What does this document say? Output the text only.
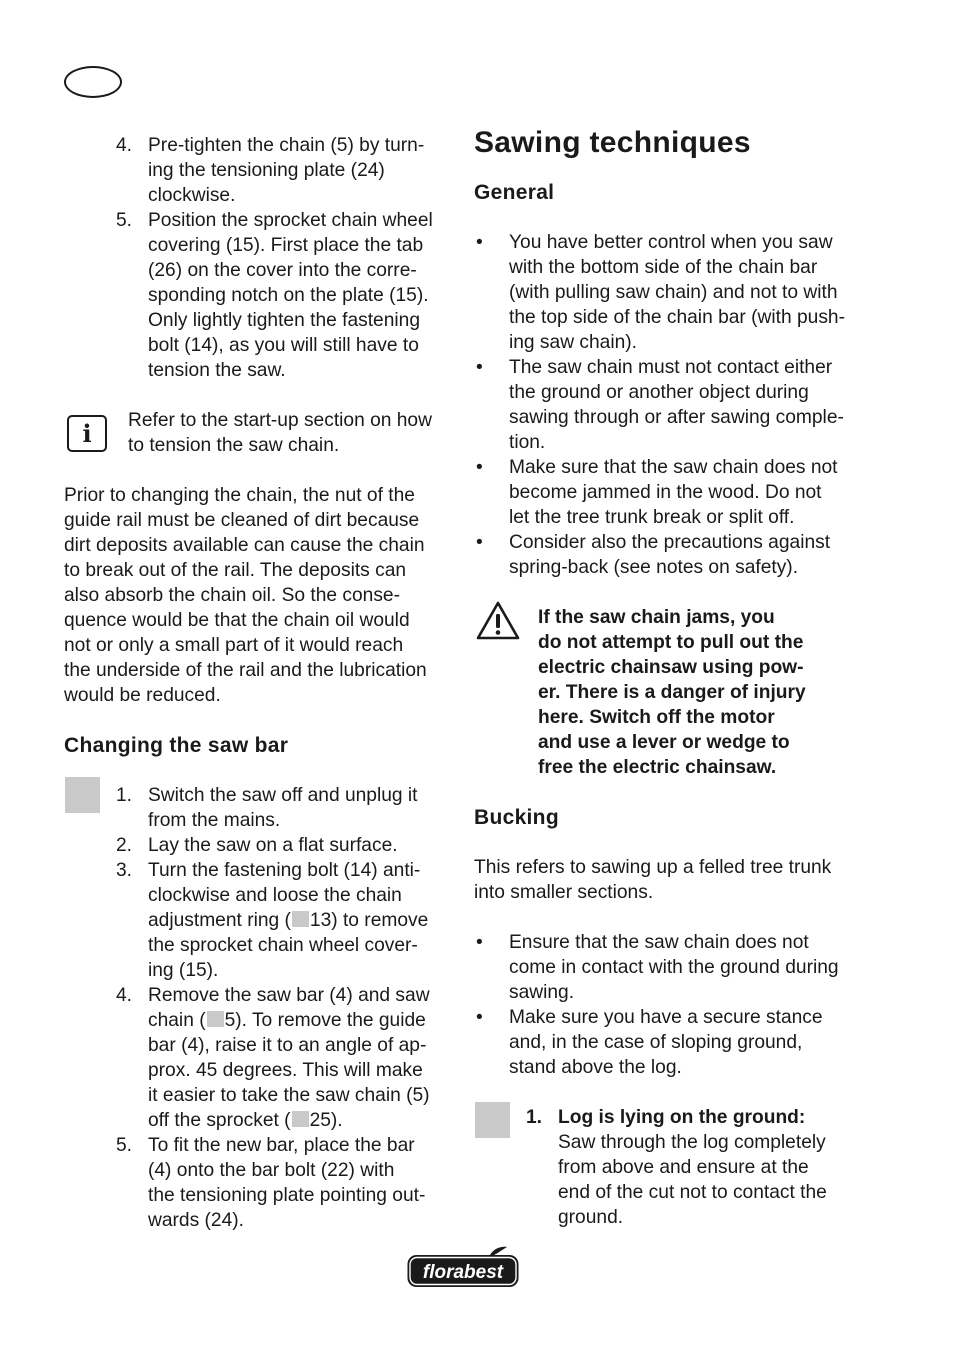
4. Pre-tighten the chain (5) by turn-
ing the tensioning plate (24)
clockwise.
5. Position the sprocket chain wheel
covering (15). First place the tab
(26) on the cover into the corre-
sponding notch on the plate (15).
Only lightly tighten the fastening
bolt (14), as you will still have to
tension the saw.
i	Refer to the start-up section on how
to tension the saw chain.

Prior to changing the chain, the nut of the
guide rail must be cleaned of dirt because
dirt deposits available can cause the chain
to break out of the rail. The deposits can
also absorb the chain oil. So the conse-
quence would be that the chain oil would
not or only a small part of it would reach
the underside of the rail and the lubrication
would be reduced.

Changing the saw bar
1. Switch the saw off and unplug it
from the mains.
2. Lay the saw on a flat surface.
3. Turn the fastening bolt (14) anti-
clockwise and loose the chain
adjustment ring ( 13) to remove
the sprocket chain wheel cover-
ing (15).
4. Remove the saw bar (4) and saw
chain ( 5). To remove the guide
bar (4), raise it to an angle of ap-
prox. 45 degrees. This will make
it easier to take the saw chain (5)
off the sprocket ( 25).
5. To fit the new bar, place the bar
(4) onto the bar bolt (22) with
the tensioning plate pointing out-
wards (24).
Sawing techniques
General
• You have better control when you saw
with the bottom side of the chain bar
(with pulling saw chain) and not to with
the top side of the chain bar (with push-
ing saw chain).
• The saw chain must not contact either
the ground or another object during
sawing through or after sawing comple-
tion.
• Make sure that the saw chain does not
become jammed in the wood. Do not
let the tree trunk break or split off.
• Consider also the precautions against
spring-back (see notes on safety).
If the saw chain jams, you
do not attempt to pull out the
electric chainsaw using pow-
er. There is a danger of injury
here. Switch off the motor
and use a lever or wedge to
free the electric chainsaw.
Bucking

This refers to sawing up a felled tree trunk
into smaller sections.

• Ensure that the saw chain does not
come in contact with the ground during
sawing.
• Make sure you have a secure stance
and, in the case of sloping ground,
stand above the log.
1. Log is lying on the ground:
Saw through the log completely
from above and ensure at the
end of the cut not to contact the
ground.
florabest
